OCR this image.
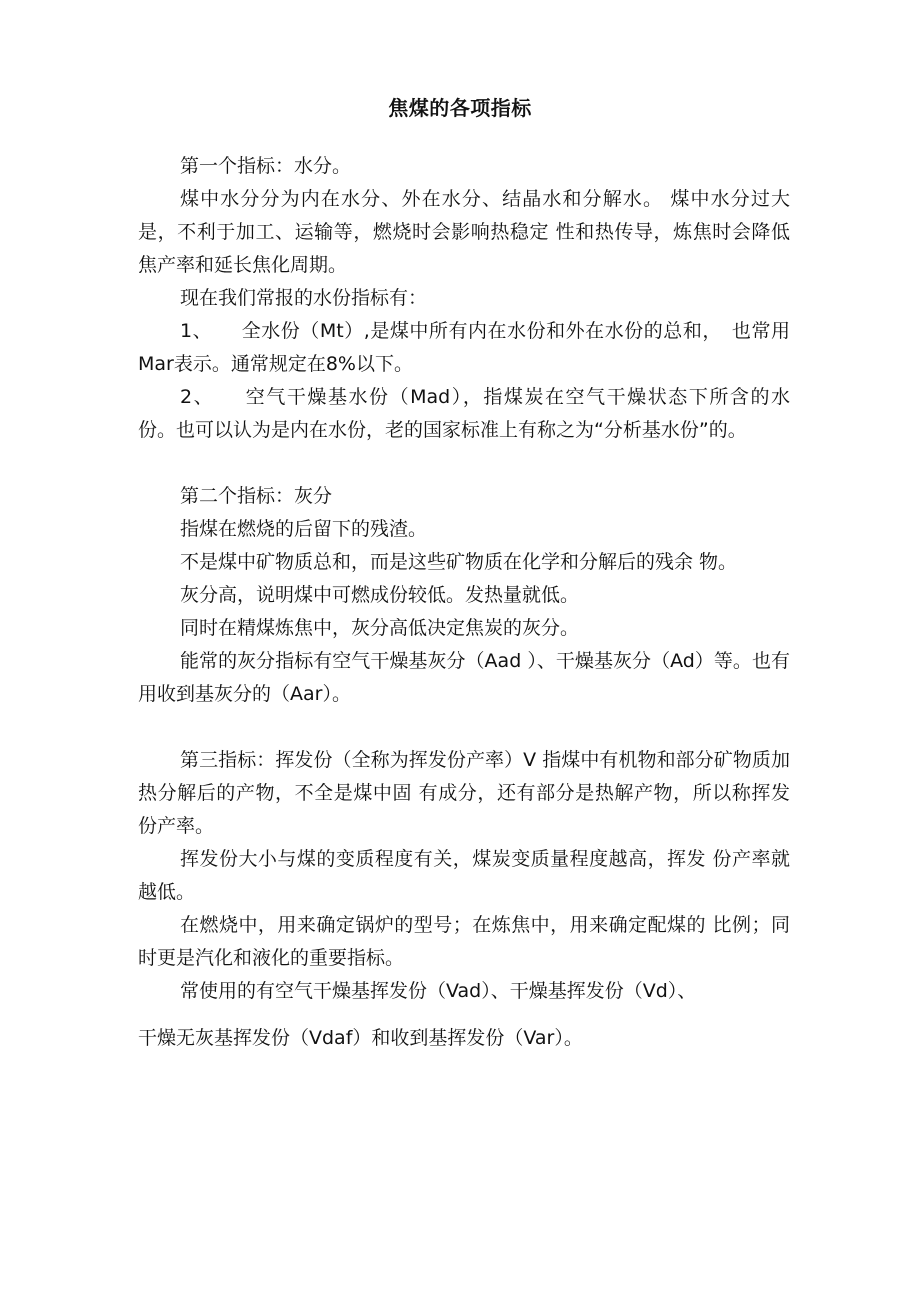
焦煤的各项指标

第一个指标：水分。

煤中水分分为内在水分、外在水分、结晶水和分解水。 煤中水分过大是，不利于加工、运输等，燃烧时会影响热稳定 性和热传导，炼焦时会降低焦产率和延长焦化周期。

现在我们常报的水份指标有：

1、　　全水份（Mt）,是煤中所有内在水份和外在水份的总和，　也常用Mar表示。通常规定在8%以下。

2、　　空气干燥基水份（Mad），指煤炭在空气干燥状态下所含的水　份。也可以认为是内在水份，老的国家标准上有称之为“分析基水份”的。

第二个指标：灰分

指煤在燃烧的后留下的残渣。

不是煤中矿物质总和，而是这些矿物质在化学和分解后的残余 物。

灰分高，说明煤中可燃成份较低。发热量就低。

同时在精煤炼焦中，灰分高低决定焦炭的灰分。

能常的灰分指标有空气干燥基灰分（Aad ）、干燥基灰分（Ad）等。也有用收到基灰分的（Aar）。

第三指标：挥发份（全称为挥发份产率）V 指煤中有机物和部分矿物质加热分解后的产物，不全是煤中固 有成分，还有部分是热解产物，所以称挥发份产率。

挥发份大小与煤的变质程度有关，煤炭变质量程度越高，挥发 份产率就越低。

在燃烧中，用来确定锅炉的型号；在炼焦中，用来确定配煤的 比例；同时更是汽化和液化的重要指标。

常使用的有空气干燥基挥发份（Vad）、干燥基挥发份（Vd）、

干燥无灰基挥发份（Vdaf）和收到基挥发份（Var）。
